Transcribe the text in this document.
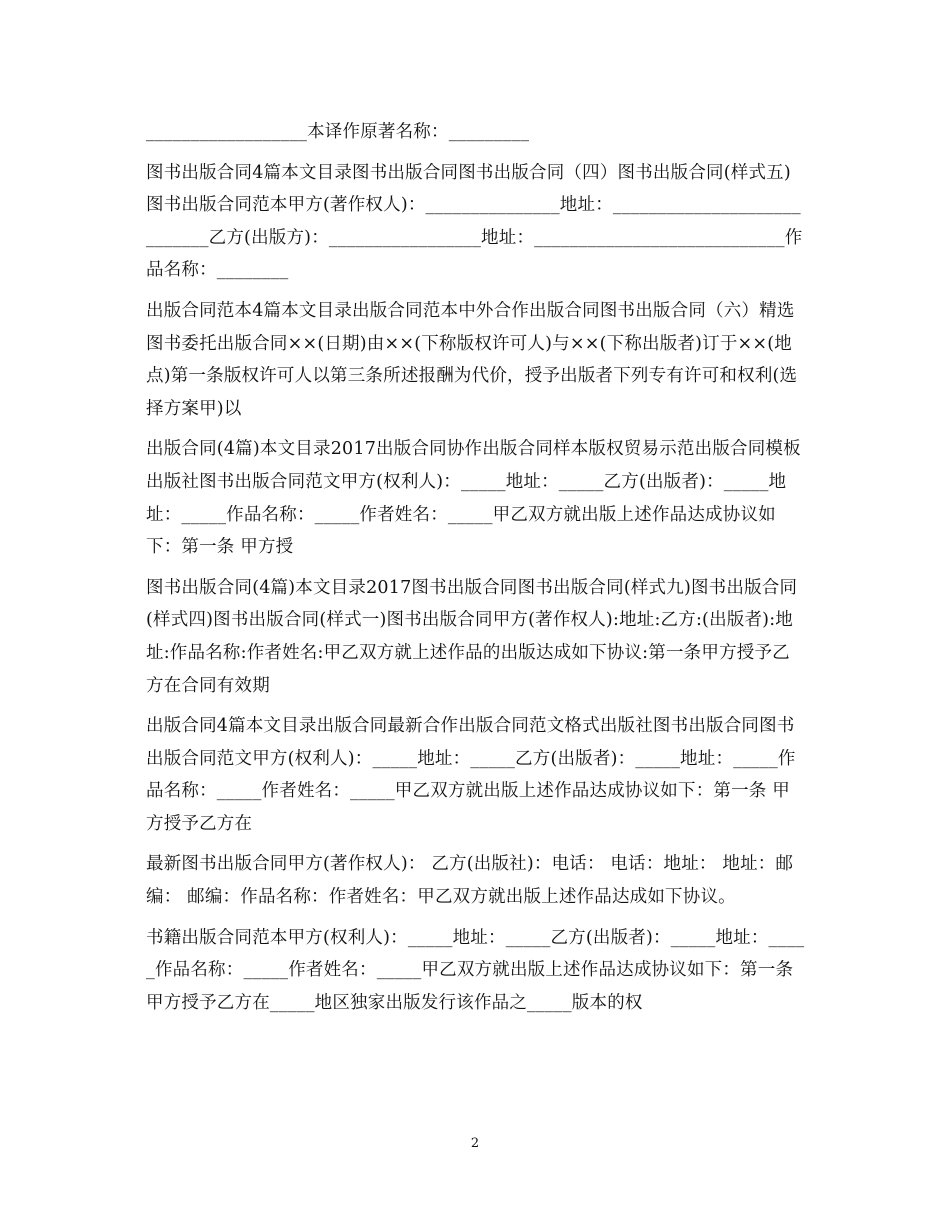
__________________本译作原著名称：_________

图书出版合同4篇本文目录图书出版合同图书出版合同（四）图书出版合同(样式五)图书出版合同范本甲方(著作权人)：_______________地址：____________________________乙方(出版方)：_________________地址：____________________________作品名称：________

出版合同范本4篇本文目录出版合同范本中外合作出版合同图书出版合同（六）精选图书委托出版合同××(日期)由××(下称版权许可人)与××(下称出版者)订于××(地点)第一条版权许可人以第三条所述报酬为代价，授予出版者下列专有许可和权利(选择方案甲)以

出版合同(4篇)本文目录2017出版合同协作出版合同样本版权贸易示范出版合同模板出版社图书出版合同范文甲方(权利人)：_____地址：_____乙方(出版者)：_____地址：_____作品名称：_____作者姓名：_____甲乙双方就出版上述作品达成协议如下：第一条 甲方授

图书出版合同(4篇)本文目录2017图书出版合同图书出版合同(样式九)图书出版合同(样式四)图书出版合同(样式一)图书出版合同甲方(著作权人):地址:乙方:(出版者):地址:作品名称:作者姓名:甲乙双方就上述作品的出版达成如下协议:第一条甲方授予乙方在合同有效期

出版合同4篇本文目录出版合同最新合作出版合同范文格式出版社图书出版合同图书出版合同范文甲方(权利人)：_____地址：_____乙方(出版者)：_____地址：_____作品名称：_____作者姓名：_____甲乙双方就出版上述作品达成协议如下：第一条 甲方授予乙方在

最新图书出版合同甲方(著作权人)： 乙方(出版社)：电话： 电话：地址： 地址：邮编： 邮编：作品名称：作者姓名：甲乙双方就出版上述作品达成如下协议。

书籍出版合同范本甲方(权利人)：_____地址：_____乙方(出版者)：_____地址：_____作品名称：_____作者姓名：_____甲乙双方就出版上述作品达成协议如下：第一条 甲方授予乙方在_____地区独家出版发行该作品之_____版本的权

2
